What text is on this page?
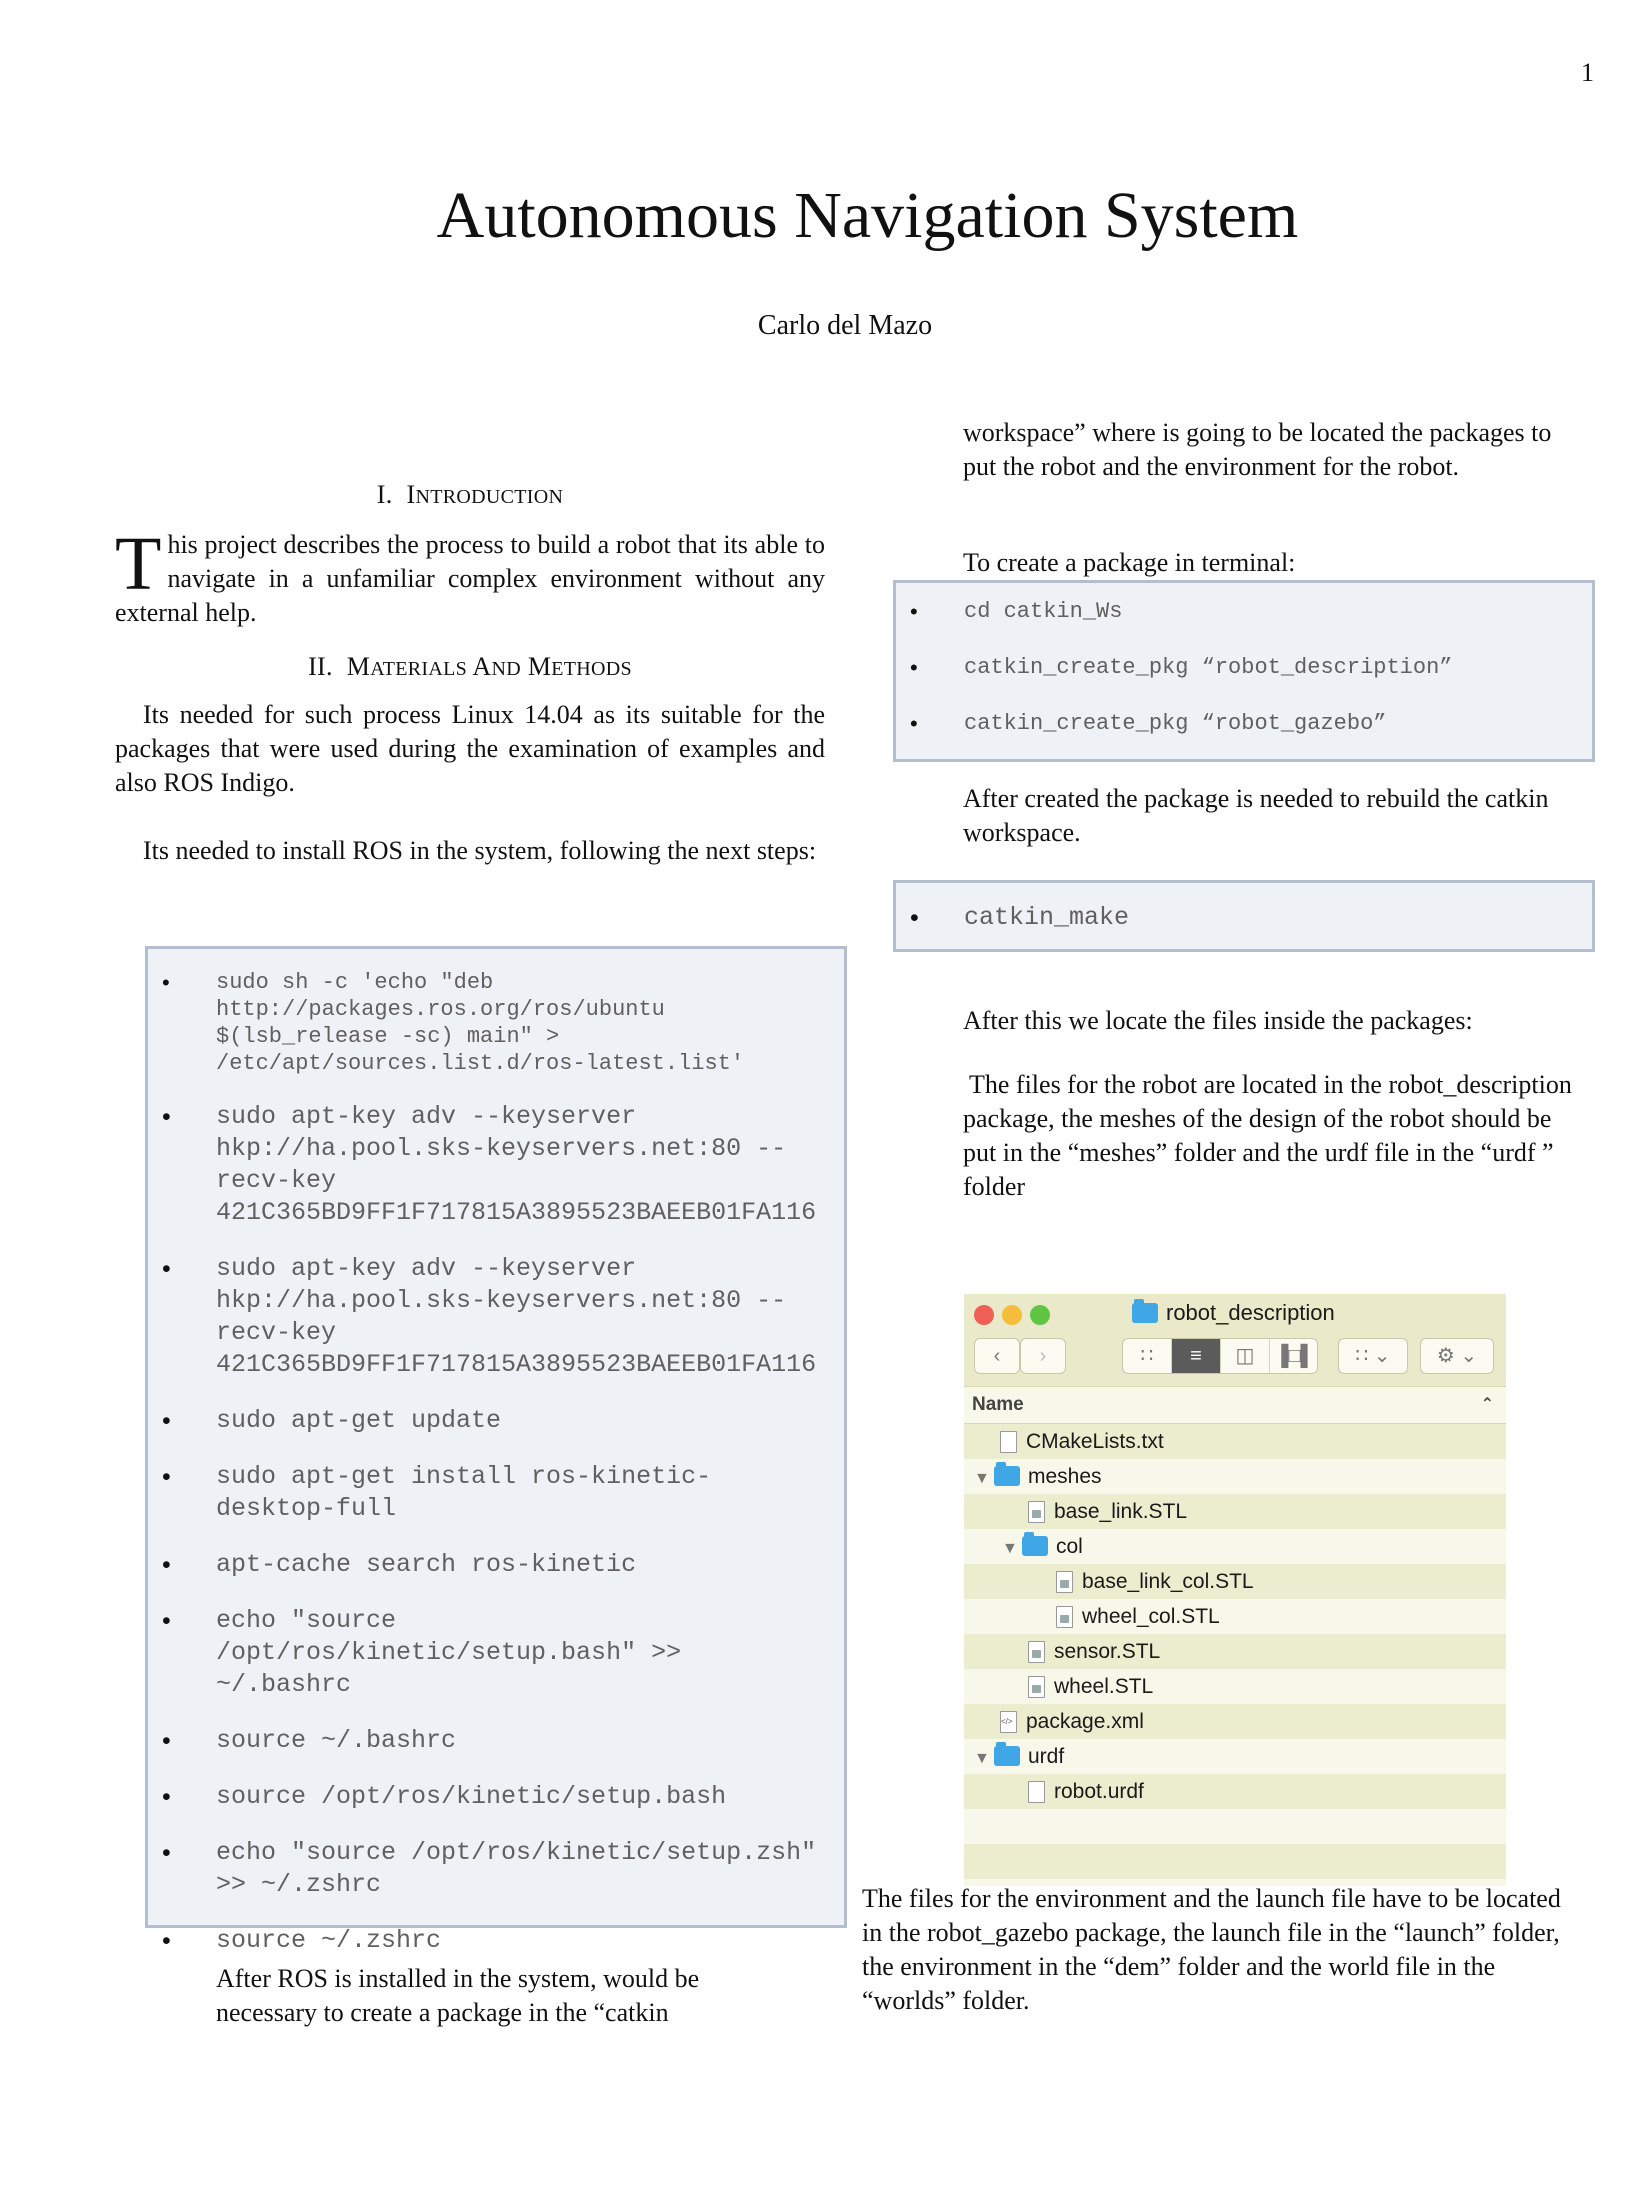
1
Autonomous Navigation System
Carlo del Mazo
I. INTRODUCTION

This project describes the process to build a robot that its able to navigate in a unfamiliar complex environment without any external help.

II. MATERIALS AND METHODS

Its needed for such process Linux 14.04 as its suitable for the packages that were used during the examination of examples and also ROS Indigo.

Its needed to install ROS in the system, following the next steps:

• sudo sh -c 'echo "deb http://packages.ros.org/ros/ubuntu $(lsb_release -sc) main" > /etc/apt/sources.list.d/ros-latest.list'
• sudo apt-key adv --keyserver hkp://ha.pool.sks-keyservers.net:80 --recv-key 421C365BD9FF1F717815A3895523BAEEB01FA116
• sudo apt-key adv --keyserver hkp://ha.pool.sks-keyservers.net:80 --recv-key 421C365BD9FF1F717815A3895523BAEEB01FA116
• sudo apt-get update
• sudo apt-get install ros-kinetic-desktop-full
• apt-cache search ros-kinetic
• echo "source /opt/ros/kinetic/setup.bash" >> ~/.bashrc
• source ~/.bashrc
• source /opt/ros/kinetic/setup.bash
• echo "source /opt/ros/kinetic/setup.zsh" >> ~/.zshrc
• source ~/.zshrc

After ROS is installed in the system, would be necessary to create a package in the “catkin

workspace” where is going to be located the packages to put the robot and the environment for the robot.

To create a package in terminal:

• cd catkin_Ws
• catkin_create_pkg “robot_description”
• catkin_create_pkg “robot_gazebo”

After created the package is needed to rebuild the catkin workspace.

• catkin_make

After this we locate the files inside the packages:

The files for the robot are located in the robot_description package, the meshes of the design of the robot should be put in the “meshes” folder and the urdf file in the “urdf ” folder

robot_description
‹	›	∷	≡	◫ ▐□▌	∷ ⌄	⚙ ⌄
Name	⌃
CMakeLists.txt
▼ meshes
base_link.STL
▼ col
base_link_col.STL
wheel_col.STL
sensor.STL
wheel.STL
</>package.xml
▼ urdf
robot.urdf

The files for the environment and the launch file have to be located in the robot_gazebo package, the launch file in the “launch” folder, the environment in the “dem” folder and the world file in the “worlds” folder.
